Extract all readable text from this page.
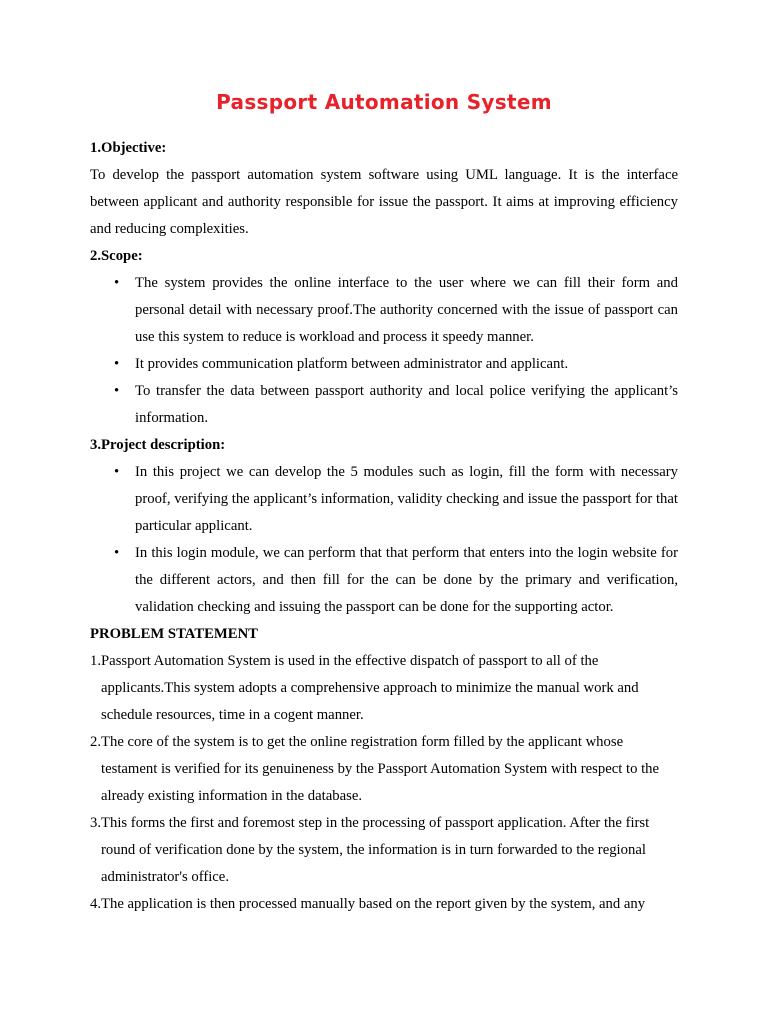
Passport Automation System

1.Objective:

To develop the passport automation system software using UML language. It is the interface between applicant and authority responsible for issue the passport. It aims at improving efficiency and reducing complexities.

2.Scope:

• The system provides the online interface to the user where we can fill their form and personal detail with necessary proof.The authority concerned with the issue of passport can use this system to reduce is workload and process it speedy manner.
• It provides communication platform between administrator and applicant.
• To transfer the data between passport authority and local police verifying the applicant’s information.

3.Project description:

• In this project we can develop the 5 modules such as login, fill the form with necessary proof, verifying the applicant’s information, validity checking and issue the passport for that particular applicant.
• In this login module, we can perform that that perform that enters into the login website for the different actors, and then fill for the can be done by the primary and verification, validation checking and issuing the passport can be done for the supporting actor.

PROBLEM STATEMENT

1.Passport Automation System is used in the effective dispatch of passport to all of the applicants.This system adopts a comprehensive approach to minimize the manual work and schedule resources, time in a cogent manner.
2.The core of the system is to get the online registration form filled by the applicant whose testament is verified for its genuineness by the Passport Automation System with respect to the already existing information in the database.
3.This forms the first and foremost step in the processing of passport application. After the first round of verification done by the system, the information is in turn forwarded to the regional administrator's office.
4.The application is then processed manually based on the report given by the system, and any
